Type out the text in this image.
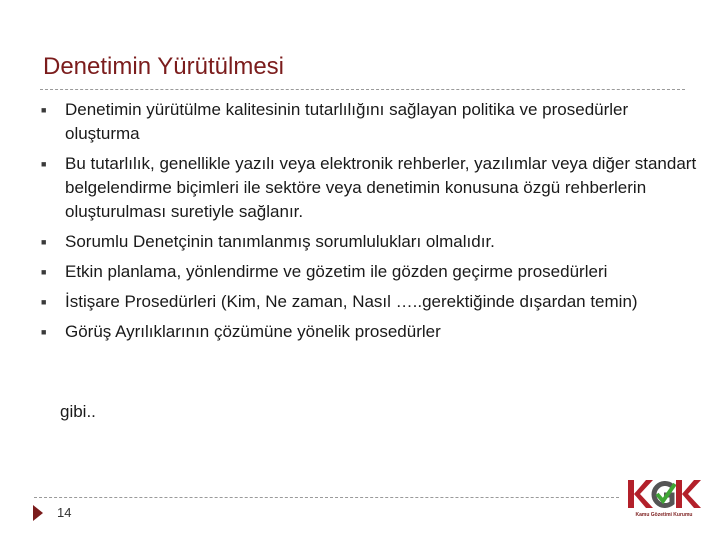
Denetimin Yürütülmesi
■ Denetimin yürütülme kalitesinin tutarlılığını sağlayan politika ve prosedürler oluşturma
■ Bu tutarlılık, genellikle yazılı veya elektronik rehberler, yazılımlar veya diğer standart belgelendirme biçimleri ile sektöre veya denetimin konusuna özgü rehberlerin oluşturulması suretiyle sağlanır.
■ Sorumlu Denetçinin tanımlanmış sorumlulukları olmalıdır.
■ Etkin planlama, yönlendirme ve gözetim ile gözden geçirme prosedürleri
■ İstişare Prosedürleri (Kim, Ne zaman, Nasıl …..gerektiğinde dışardan temin)
■ Görüş Ayrılıklarının çözümüne yönelik prosedürler
gibi..
14	Kamu Gözetimi Kurumu
